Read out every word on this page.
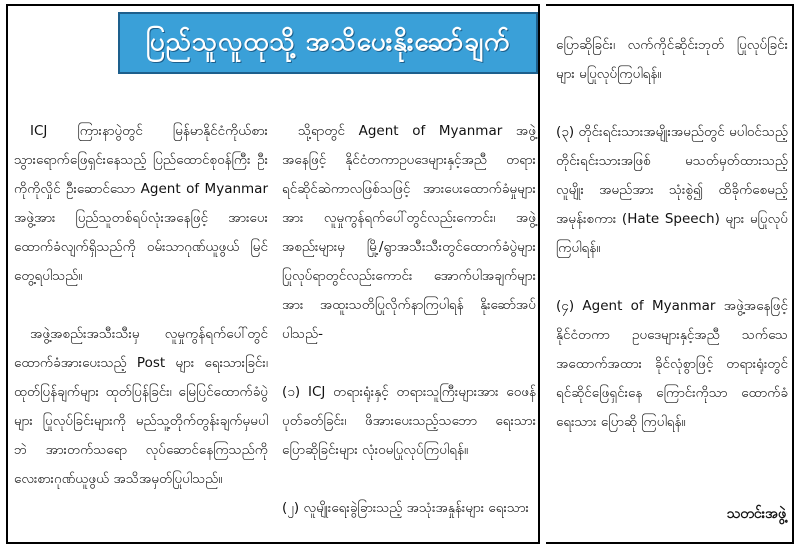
ပြည်သူလူထုသို့ အသိပေးနိုးဆော်ချက်

ICJ ကြားနာပွဲတွင် မြန်မာနိုင်ငံကိုယ်စား သွားရောက်ဖြေရှင်းနေသည့် ပြည်ထောင်စုဝန်ကြီး ဦးကိုကိုလှိုင် ဦးဆောင်သော Agent of Myanmar အဖွဲ့အား ပြည်သူတစ်ရပ်လုံးအနေဖြင့် အားပေးထောက်ခံလျက်ရှိသည်ကို ဝမ်းသာဂုဏ်ယူဖွယ် မြင်တွေ့ရပါသည်။

အဖွဲ့အစည်းအသီးသီးမှ လူမှုကွန်ရက်ပေါ်တွင် ထောက်ခံအားပေးသည့် Post များ ရေးသားခြင်း၊ ထုတ်ပြန်ချက်များ ထုတ်ပြန်ခြင်း၊ မြေပြင်ထောက်ခံပွဲများ ပြုလုပ်ခြင်းများကို မည်သူ့တိုက်တွန်းချက်မှမပါဘဲ အားတက်သရော လုပ်ဆောင်နေကြသည်ကို လေးစားဂုဏ်ယူဖွယ် အသိအမှတ်ပြုပါသည်။

သို့ရာတွင် Agent of Myanmar အဖွဲ့အနေဖြင့် နိုင်ငံတကာဥပဒေများနှင့်အညီ တရားရင်ဆိုင်ဆဲကာလဖြစ်သဖြင့် အားပေးထောက်ခံမှုများအား လူမှုကွန်ရက်ပေါ်တွင်လည်းကောင်း၊ အဖွဲ့အစည်းများမှ မြို့/ရွာအသီးသီးတွင်ထောက်ခံပွဲများ ပြုလုပ်ရာတွင်လည်းကောင်း အောက်ပါအချက်များအား အထူးသတိပြုလိုက်နာကြပါရန် နိုးဆော်အပ်ပါသည်-

(၁) ICJ တရားရုံးနှင့် တရားသူကြီးများအား ဝေဖန်ပုတ်ခတ်ခြင်း၊ ဖိအားပေးသည့်သဘော ရေးသား ပြောဆိုခြင်းများ လုံးဝမပြုလုပ်ကြပါရန်။

(၂) လူမျိုးရေးခွဲခြားသည့် အသုံးအနှုန်းများ ရေးသား

ပြောဆိုခြင်း၊ လက်ကိုင်ဆိုင်းဘုတ် ပြုလုပ်ခြင်း များ မပြုလုပ်ကြပါရန်။

(၃) တိုင်းရင်းသားအမျိုးအမည်တွင် မပါဝင်သည့် တိုင်းရင်းသားအဖြစ် မသတ်မှတ်ထားသည့် လူမျိုး အမည်အား သုံးစွဲ၍ ထိခိုက်စေမည့် အမုန်းစကား (Hate Speech) များ မပြုလုပ်ကြပါရန်။

(၄) Agent of Myanmar အဖွဲ့အနေဖြင့် နိုင်ငံတကာ ဥပဒေများနှင့်အညီ သက်သေအထောက်အထား ခိုင်လုံစွာဖြင့် တရားရုံးတွင် ရင်ဆိုင်ဖြေရှင်းနေ ကြောင်းကိုသာ ထောက်ခံရေးသား ပြောဆို ကြပါရန်။

သတင်းအဖွဲ့
